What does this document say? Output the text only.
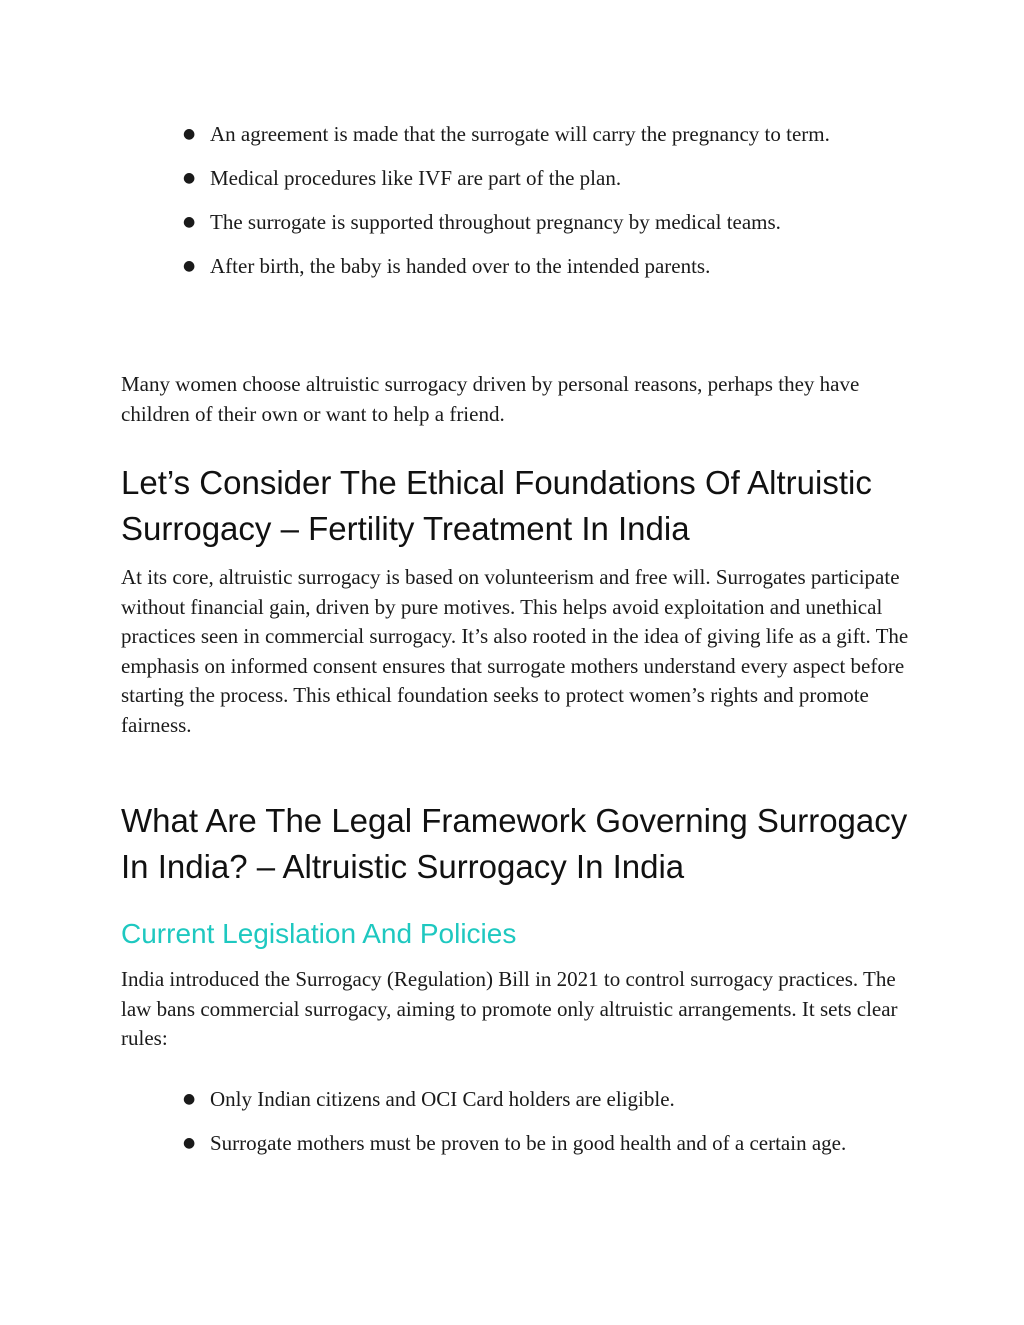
● An agreement is made that the surrogate will carry the pregnancy to term.
● Medical procedures like IVF are part of the plan.
● The surrogate is supported throughout pregnancy by medical teams.
● After birth, the baby is handed over to the intended parents.

Many women choose altruistic surrogacy driven by personal reasons, perhaps they have children of their own or want to help a friend.

Let’s Consider The Ethical Foundations Of Altruistic Surrogacy – Fertility Treatment In India

At its core, altruistic surrogacy is based on volunteerism and free will. Surrogates participate without financial gain, driven by pure motives. This helps avoid exploitation and unethical practices seen in commercial surrogacy. It’s also rooted in the idea of giving life as a gift. The emphasis on informed consent ensures that surrogate mothers understand every aspect before starting the process. This ethical foundation seeks to protect women’s rights and promote fairness.

What Are The Legal Framework Governing Surrogacy In India? – Altruistic Surrogacy In India
Current Legislation And Policies

India introduced the Surrogacy (Regulation) Bill in 2021 to control surrogacy practices. The law bans commercial surrogacy, aiming to promote only altruistic arrangements. It sets clear rules:

● Only Indian citizens and OCI Card holders are eligible.
● Surrogate mothers must be proven to be in good health and of a certain age.
